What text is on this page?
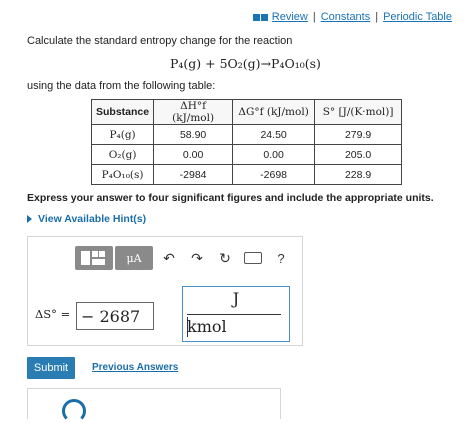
Review | Constants | Periodic Table
Calculate the standard entropy change for the reaction
P₄(g) + 5O₂(g)→P₄O₁₀(s)
using the data from the following table:
Substance	ΔH°f (kJ/mol)	ΔG°f (kJ/mol)	S° [J/(K·mol)]
P₄(g)	58.90	24.50	279.9
O₂(g)	0.00	0.00	205.0
P₄O₁₀(s)	-2984	-2698	228.9
Express your answer to four significant figures and include the appropriate units.
View Available Hint(s)
μA ↶ ↷ ↻	?
ΔS° = − 2687
J
kmol
Submit	Previous Answers
